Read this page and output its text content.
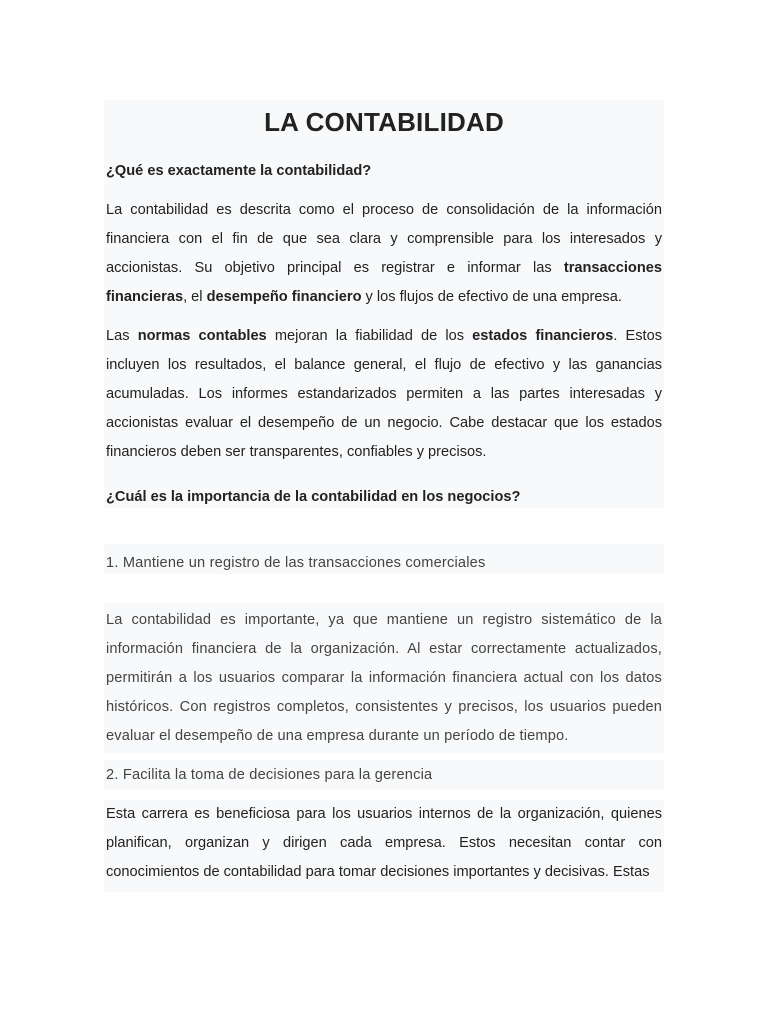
LA CONTABILIDAD

¿Qué es exactamente la contabilidad?

La contabilidad es descrita como el proceso de consolidación de la información financiera con el fin de que sea clara y comprensible para los interesados y accionistas. Su objetivo principal es registrar e informar las transacciones financieras, el desempeño financiero y los flujos de efectivo de una empresa.

Las normas contables mejoran la fiabilidad de los estados financieros. Estos incluyen los resultados, el balance general, el flujo de efectivo y las ganancias acumuladas. Los informes estandarizados permiten a las partes interesadas y accionistas evaluar el desempeño de un negocio. Cabe destacar que los estados financieros deben ser transparentes, confiables y precisos.

¿Cuál es la importancia de la contabilidad en los negocios?

1. Mantiene un registro de las transacciones comerciales

La contabilidad es importante, ya que mantiene un registro sistemático de la información financiera de la organización. Al estar correctamente actualizados, permitirán a los usuarios comparar la información financiera actual con los datos históricos. Con registros completos, consistentes y precisos, los usuarios pueden evaluar el desempeño de una empresa durante un período de tiempo.

2. Facilita la toma de decisiones para la gerencia

Esta carrera es beneficiosa para los usuarios internos de la organización, quienes planifican, organizan y dirigen cada empresa. Estos necesitan contar con conocimientos de contabilidad para tomar decisiones importantes y decisivas. Estas
